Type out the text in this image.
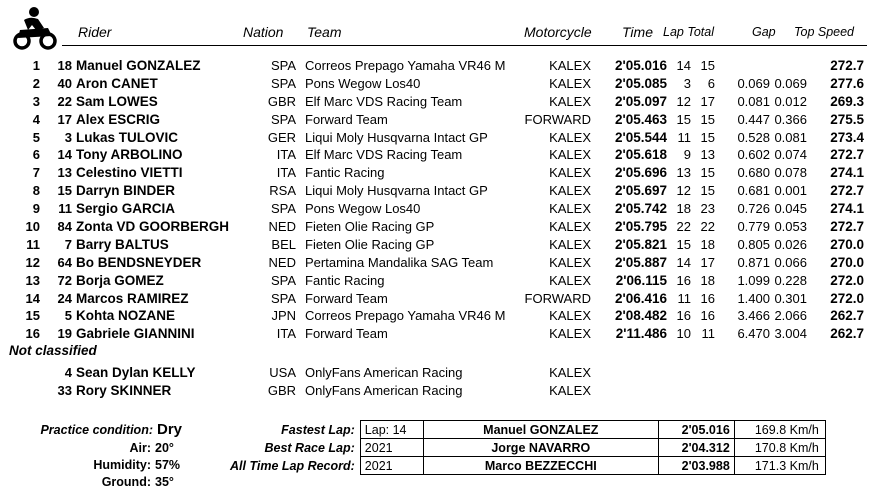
Rider	Nation Team	Motorcycle Time Lap Total	Gap Top Speed
1 18 Manuel GONZALEZ	SPA Correos Prepago Yamaha VR46 M	KALEX 2'05.016 14 15	272.7
2 40 Aron CANET	SPA Pons Wegow Los40	KALEX 2'05.085 3 6 0.069 0.069 277.6
3 22 Sam LOWES	GBR Elf Marc VDS Racing Team	KALEX 2'05.097 12 17 0.081 0.012 269.3
4 17 Alex ESCRIG	SPA Forward Team	FORWARD 2'05.463 15 15 0.447 0.366 275.5
5 3 Lukas TULOVIC	GER Liqui Moly Husqvarna Intact GP	KALEX 2'05.544 11 15 0.528 0.081 273.4
6 14 Tony ARBOLINO	ITA Elf Marc VDS Racing Team	KALEX 2'05.618 9 13 0.602 0.074 272.7
7 13 Celestino VIETTI	ITA Fantic Racing	KALEX 2'05.696 13 15 0.680 0.078 274.1
8 15 Darryn BINDER	RSA Liqui Moly Husqvarna Intact GP	KALEX 2'05.697 12 15 0.681 0.001 272.7
9 11 Sergio GARCIA	SPA Pons Wegow Los40	KALEX 2'05.742 18 23 0.726 0.045 274.1
10 84 Zonta VD GOORBERGH	NED Fieten Olie Racing GP	KALEX 2'05.795 22 22 0.779 0.053 272.7
11 7 Barry BALTUS	BEL Fieten Olie Racing GP	KALEX 2'05.821 15 18 0.805 0.026 270.0
12 64 Bo BENDSNEYDER	NED Pertamina Mandalika SAG Team	KALEX 2'05.887 14 17 0.871 0.066 270.0
13 72 Borja GOMEZ	SPA Fantic Racing	KALEX 2'06.115 16 18 1.099 0.228 272.0
14 24 Marcos RAMIREZ	SPA Forward Team	FORWARD 2'06.416 11 16 1.400 0.301 272.0
15 5 Kohta NOZANE	JPN Correos Prepago Yamaha VR46 M	KALEX 2'08.482 16 16 3.466 2.066 262.7
16 19 Gabriele GIANNINI	ITA Forward Team	KALEX 2'11.486 10 11 6.470 3.004 262.7
Not classified
4 Sean Dylan KELLY	USA OnlyFans American Racing	KALEX
33 Rory SKINNER	GBR OnlyFans American Racing	KALEX
Practice condition: Dry
Air: 20°
Humidity: 57%
Ground: 35°
Fastest Lap:	Lap: 14	Manuel GONZALEZ	2'05.016	169.8 Km/h
Best Race Lap:	2021	Jorge NAVARRO	2'04.312	170.8 Km/h
All Time Lap Record:	2021	Marco BEZZECCHI	2'03.988	171.3 Km/h
